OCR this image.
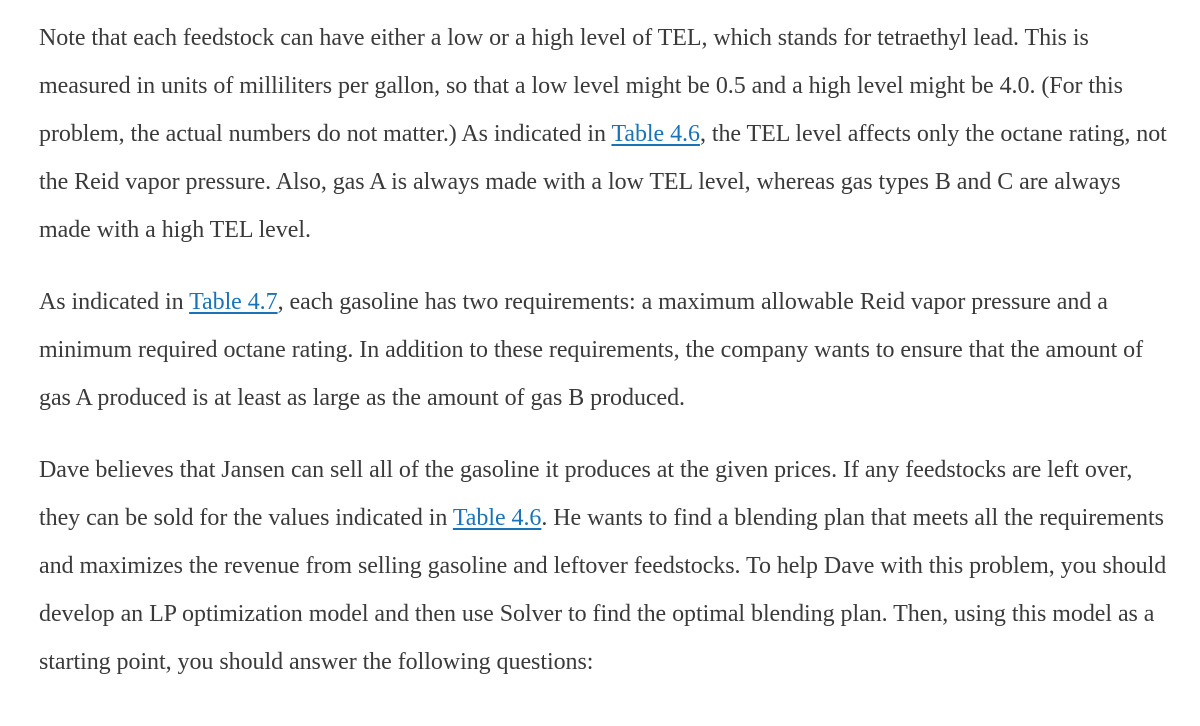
Note that each feedstock can have either a low or a high level of TEL, which stands for tetraethyl lead. This is measured in units of milliliters per gallon, so that a low level might be 0.5 and a high level might be 4.0. (For this problem, the actual numbers do not matter.) As indicated in Table 4.6, the TEL level affects only the octane rating, not the Reid vapor pressure. Also, gas A is always made with a low TEL level, whereas gas types B and C are always made with a high TEL level.

As indicated in Table 4.7, each gasoline has two requirements: a maximum allowable Reid vapor pressure and a minimum required octane rating. In addition to these requirements, the company wants to ensure that the amount of gas A produced is at least as large as the amount of gas B produced.

Dave believes that Jansen can sell all of the gasoline it produces at the given prices. If any feedstocks are left over, they can be sold for the values indicated in Table 4.6. He wants to find a blending plan that meets all the requirements and maximizes the revenue from selling gasoline and leftover feedstocks. To help Dave with this problem, you should develop an LP optimization model and then use Solver to find the optimal blending plan. Then, using this model as a starting point, you should answer the following questions:
